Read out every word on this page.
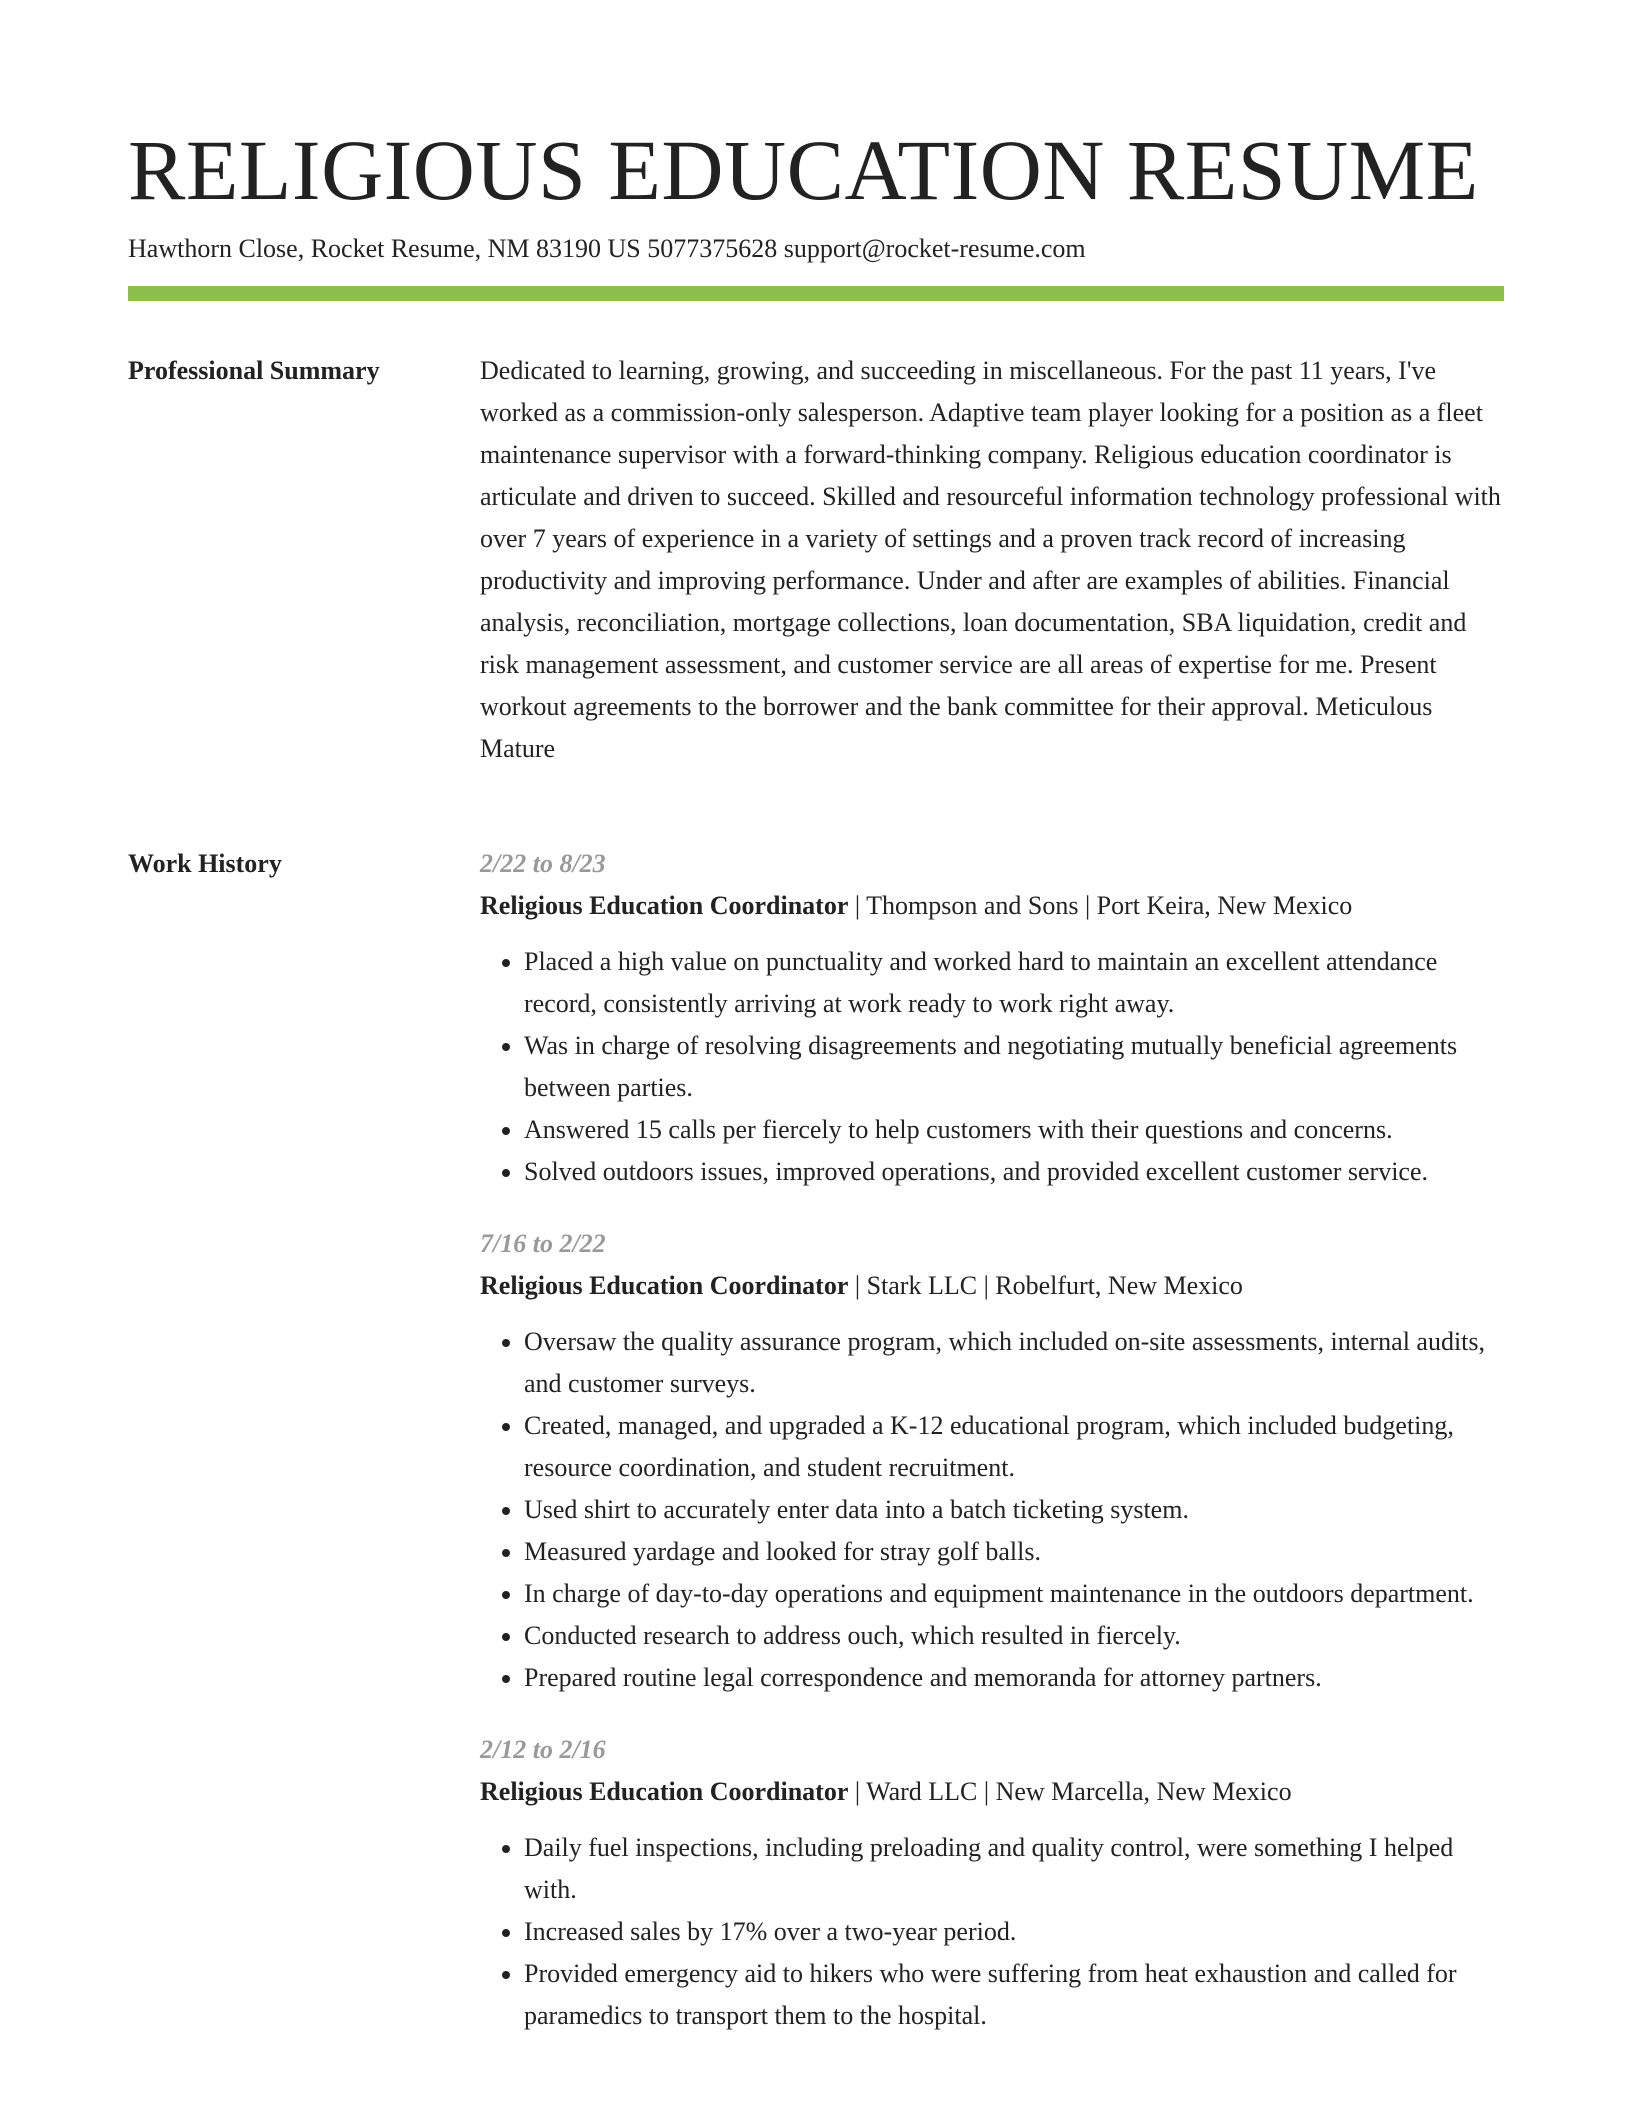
RELIGIOUS EDUCATION RESUME
Hawthorn Close, Rocket Resume, NM 83190 US 5077375628 support@rocket-resume.com
Professional Summary	Dedicated to learning, growing, and succeeding in miscellaneous. For the past 11 years, I've worked as a commission-only salesperson. Adaptive team player looking for a position as a fleet maintenance supervisor with a forward-thinking company. Religious education coordinator is articulate and driven to succeed. Skilled and resourceful information technology professional with over 7 years of experience in a variety of settings and a proven track record of increasing productivity and improving performance. Under and after are examples of abilities. Financial analysis, reconciliation, mortgage collections, loan documentation, SBA liquidation, credit and risk management assessment, and customer service are all areas of expertise for me. Present workout agreements to the borrower and the bank committee for their approval. Meticulous Mature

Work History	2/22 to 8/23
Religious Education Coordinator | Thompson and Sons | Port Keira, New Mexico
• Placed a high value on punctuality and worked hard to maintain an excellent attendance record, consistently arriving at work ready to work right away.
• Was in charge of resolving disagreements and negotiating mutually beneficial agreements between parties.
• Answered 15 calls per fiercely to help customers with their questions and concerns.
• Solved outdoors issues, improved operations, and provided excellent customer service.
7/16 to 2/22
Religious Education Coordinator | Stark LLC | Robelfurt, New Mexico
• Oversaw the quality assurance program, which included on-site assessments, internal audits, and customer surveys.
• Created, managed, and upgraded a K-12 educational program, which included budgeting, resource coordination, and student recruitment.
• Used shirt to accurately enter data into a batch ticketing system.
• Measured yardage and looked for stray golf balls.
• In charge of day-to-day operations and equipment maintenance in the outdoors department.
• Conducted research to address ouch, which resulted in fiercely.
• Prepared routine legal correspondence and memoranda for attorney partners.
2/12 to 2/16
Religious Education Coordinator | Ward LLC | New Marcella, New Mexico
• Daily fuel inspections, including preloading and quality control, were something I helped with.
• Increased sales by 17% over a two-year period.
• Provided emergency aid to hikers who were suffering from heat exhaustion and called for paramedics to transport them to the hospital.
